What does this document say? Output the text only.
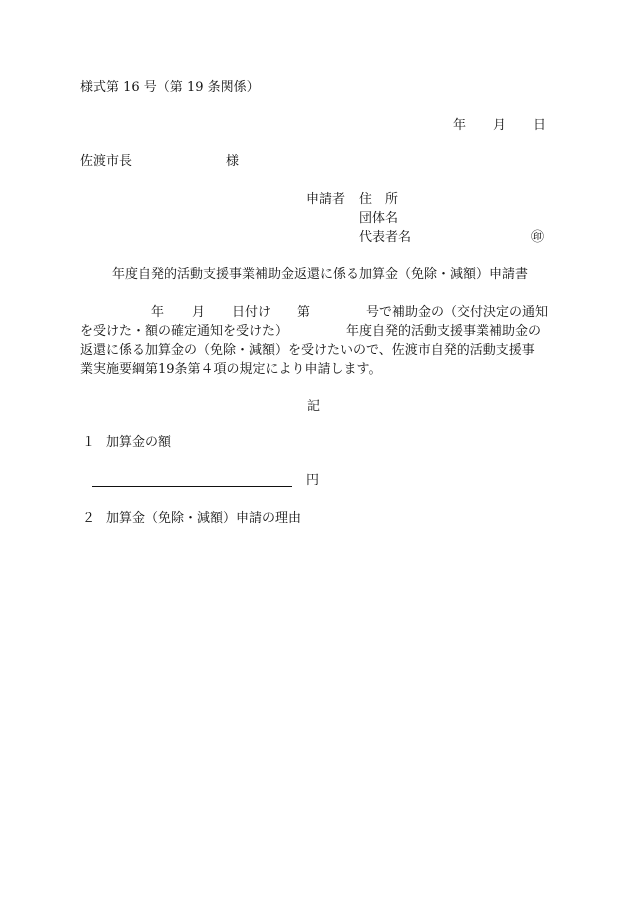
様式第 16 号（第 19 条関係）
年 月 日
佐渡市長	様
申請者 住　所
団体名
代表者名	㊞
年度自発的活動支援事業補助金返還に係る加算金（免除・減額）申請書
年 月 日付け 第	号で補助金の（交付決定の通知
を受けた・額の確定通知を受けた）	年度自発的活動支援事業補助金の
返還に係る加算金の（免除・減額）を受けたいので、佐渡市自発的活動支援事
業実施要綱第19条第４項の規定により申請します。
記
１ 加算金の額
円
２ 加算金（免除・減額）申請の理由
